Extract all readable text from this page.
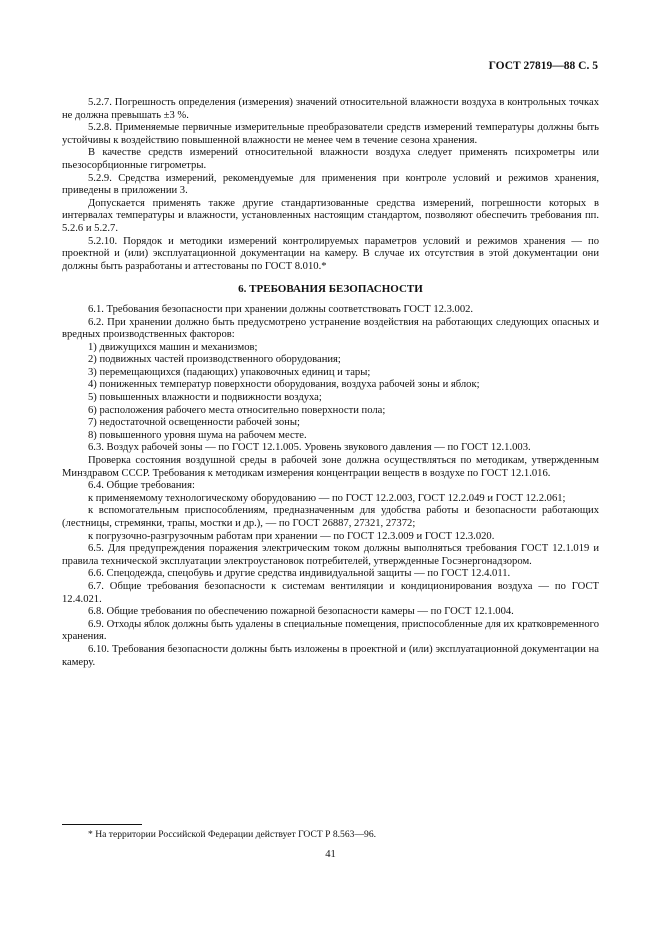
ГОСТ 27819—88 С. 5

5.2.7. Погрешность определения (измерения) значений относительной влажности воздуха в контрольных точках не должна превышать ±3 %.

5.2.8. Применяемые первичные измерительные преобразователи средств измерений температуры должны быть устойчивы к воздействию повышенной влажности не менее чем в течение сезона хранения.

В качестве средств измерений относительной влажности воздуха следует применять психрометры или пьезосорбционные гигрометры.

5.2.9. Средства измерений, рекомендуемые для применения при контроле условий и режимов хранения, приведены в приложении 3.

Допускается применять также другие стандартизованные средства измерений, погрешности которых в интервалах температуры и влажности, установленных настоящим стандартом, позволяют обеспечить требования пп. 5.2.6 и 5.2.7.

5.2.10. Порядок и методики измерений контролируемых параметров условий и режимов хранения — по проектной и (или) эксплуатационной документации на камеру. В случае их отсутствия в этой документации они должны быть разработаны и аттестованы по ГОСТ 8.010.*

6. ТРЕБОВАНИЯ БЕЗОПАСНОСТИ

6.1. Требования безопасности при хранении должны соответствовать ГОСТ 12.3.002.

6.2. При хранении должно быть предусмотрено устранение воздействия на работающих следующих опасных и вредных производственных факторов:

1) движущихся машин и механизмов;

2) подвижных частей производственного оборудования;

3) перемещающихся (падающих) упаковочных единиц и тары;

4) пониженных температур поверхности оборудования, воздуха рабочей зоны и яблок;

5) повышенных влажности и подвижности воздуха;

6) расположения рабочего места относительно поверхности пола;

7) недостаточной освещенности рабочей зоны;

8) повышенного уровня шума на рабочем месте.

6.3. Воздух рабочей зоны — по ГОСТ 12.1.005. Уровень звукового давления — по ГОСТ 12.1.003.

Проверка состояния воздушной среды в рабочей зоне должна осуществляться по методикам, утвержденным Минздравом СССР. Требования к методикам измерения концентрации веществ в воздухе по ГОСТ 12.1.016.

6.4. Общие требования:

к применяемому технологическому оборудованию — по ГОСТ 12.2.003, ГОСТ 12.2.049 и ГОСТ 12.2.061;

к вспомогательным приспособлениям, предназначенным для удобства работы и безопасности работающих (лестницы, стремянки, трапы, мостки и др.), — по ГОСТ 26887, 27321, 27372;

к погрузочно-разгрузочным работам при хранении — по ГОСТ 12.3.009 и ГОСТ 12.3.020.

6.5. Для предупреждения поражения электрическим током должны выполняться требования ГОСТ 12.1.019 и правила технической эксплуатации электроустановок потребителей, утвержденные Госэнергонадзором.

6.6. Спецодежда, спецобувь и другие средства индивидуальной защиты — по ГОСТ 12.4.011.

6.7. Общие требования безопасности к системам вентиляции и кондиционирования воздуха — по ГОСТ 12.4.021.

6.8. Общие требования по обеспечению пожарной безопасности камеры — по ГОСТ 12.1.004.

6.9. Отходы яблок должны быть удалены в специальные помещения, приспособленные для их кратковременного хранения.

6.10. Требования безопасности должны быть изложены в проектной и (или) эксплуатационной документации на камеру.

* На территории Российской Федерации действует ГОСТ Р 8.563—96.
41
